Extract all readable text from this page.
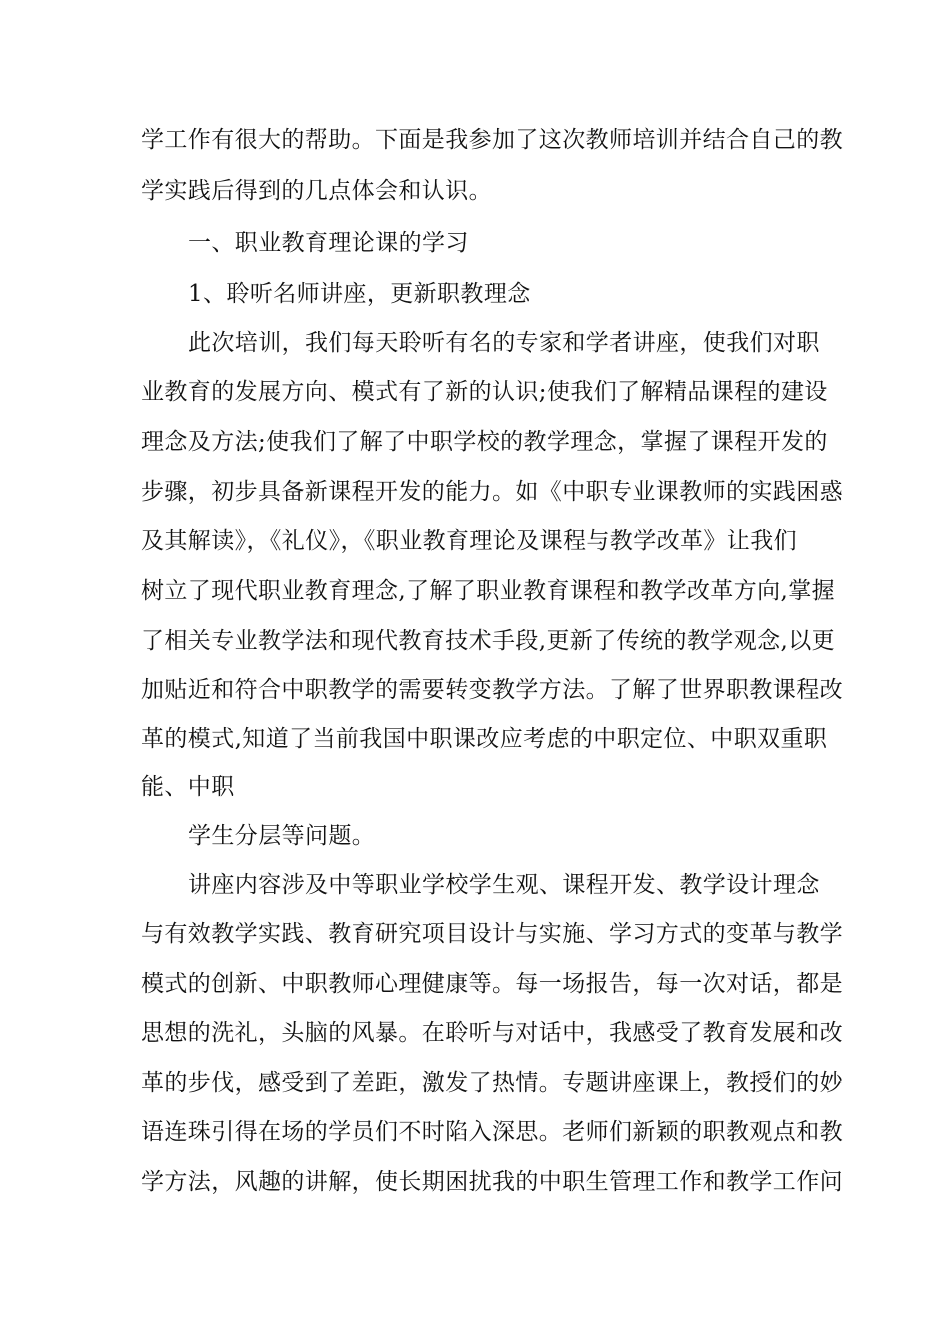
学工作有很大的帮助。下面是我参加了这次教师培训并结合自己的教
学实践后得到的几点体会和认识。
一、职业教育理论课的学习
1、聆听名师讲座，更新职教理念
此次培训，我们每天聆听有名的专家和学者讲座，使我们对职
业教育的发展方向、模式有了新的认识;使我们了解精品课程的建设
理念及方法;使我们了解了中职学校的教学理念，掌握了课程开发的
步骤，初步具备新课程开发的能力。如《中职专业课教师的实践困惑
及其解读》，《礼仪》，《职业教育理论及课程与教学改革》让我们
树立了现代职业教育理念,了解了职业教育课程和教学改革方向,掌握
了相关专业教学法和现代教育技术手段,更新了传统的教学观念,以更
加贴近和符合中职教学的需要转变教学方法。了解了世界职教课程改
革的模式,知道了当前我国中职课改应考虑的中职定位、中职双重职
能、中职
学生分层等问题。
讲座内容涉及中等职业学校学生观、课程开发、教学设计理念
与有效教学实践、教育研究项目设计与实施、学习方式的变革与教学
模式的创新、中职教师心理健康等。每一场报告，每一次对话，都是
思想的洗礼，头脑的风暴。在聆听与对话中，我感受了教育发展和改
革的步伐，感受到了差距，激发了热情。专题讲座课上，教授们的妙
语连珠引得在场的学员们不时陷入深思。老师们新颖的职教观点和教
学方法，风趣的讲解，使长期困扰我的中职生管理工作和教学工作问
